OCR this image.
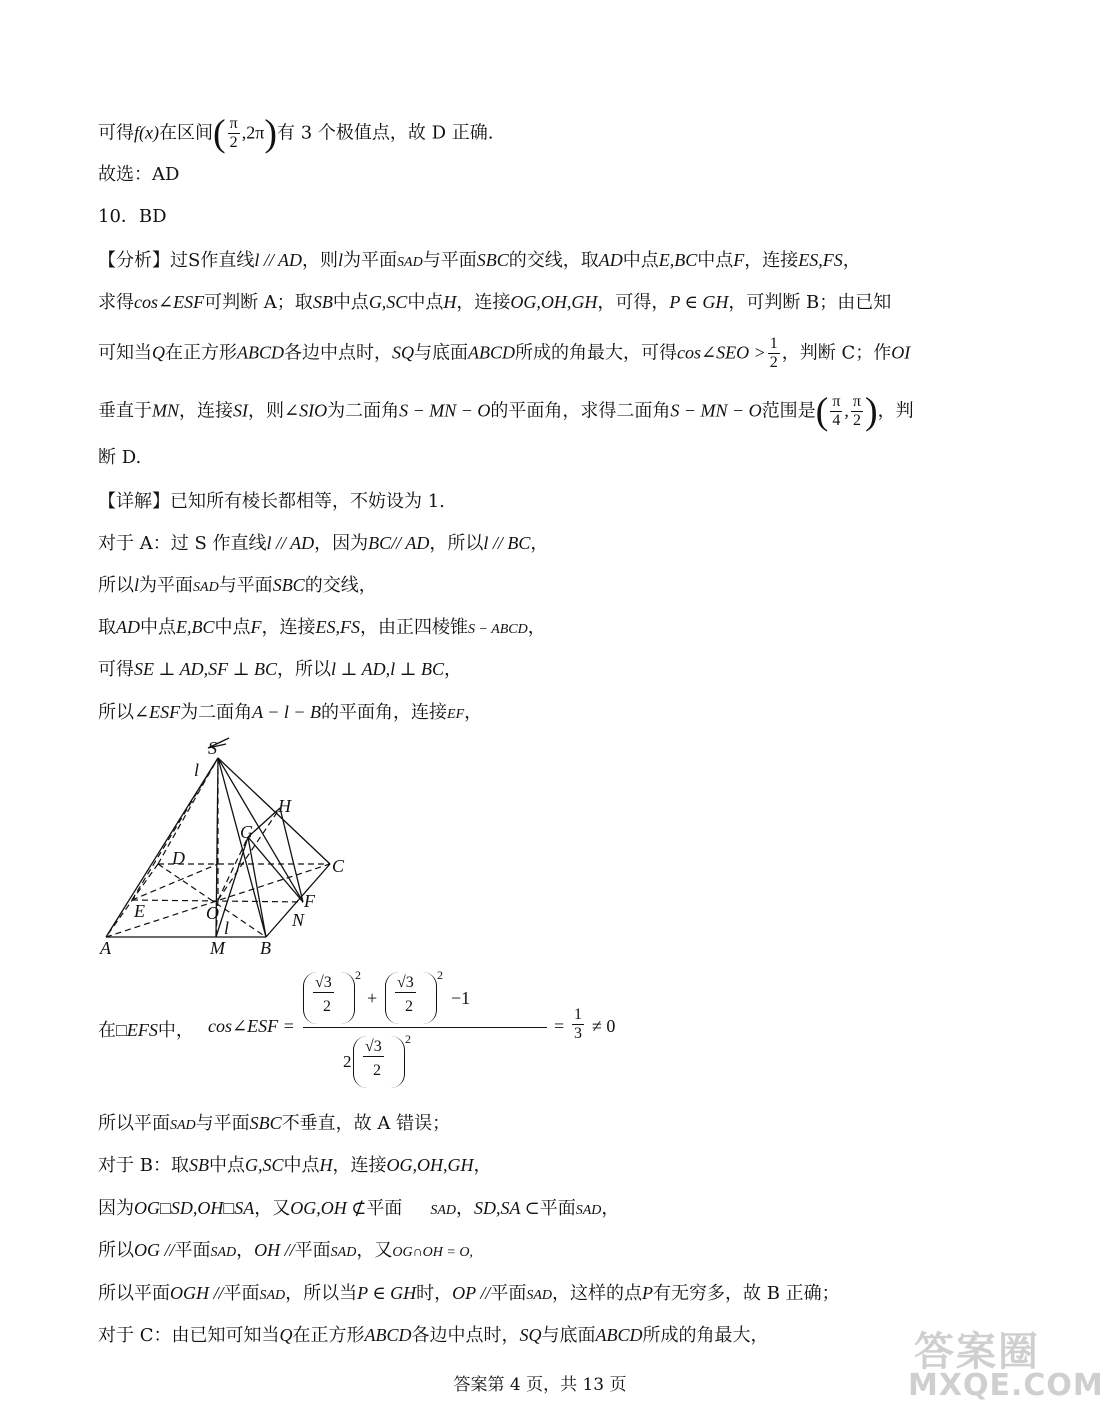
可得f(x)在区间( $\frac{\pi}{2} ,2\pi$)有 3 个极值点，故 D 正确.
故选：AD
10．BD
【分析】过S作直线l // AD，则l为平面SAD与平面SBC的交线，取AD中点E,BC中点F，连接ES,FS，
求得cos∠ESF可判断 A；取SB中点G,SC中点H，连接OG,OH,GH，可得，P ∈ GH，可判断 B；由已知
可知当Q在正方形ABCD各边中点时，SQ与底面ABCD所成的角最大，可得cos∠SEO > $\frac{1}{2}$ ，判断 C；作OI
垂直于MN，连接SI，则∠SIO为二面角S − MN − O的平面角，求得二面角S − MN − O范围是( $\frac{\pi}{4}$ , $\frac{\pi}{2}$ )，判
断 D.
【详解】已知所有棱长都相等，不妨设为 1.
对于 A：过 S 作直线l // AD，因为BC// AD，所以l // BC，
所以l为平面SAD与平面SBC的交线，
取AD中点E,BC中点F，连接ES,FS，由正四棱锥S − ABCD，
可得SE ⊥ AD,SF ⊥ BC，所以l ⊥ AD,l ⊥ BC，
所以∠ESF为二面角A − l − B的平面角，连接EF，
S
l
H
G
D	C
E	O
F
N
l
A	M B
在□EFS中， cos∠ESF =
√3
2
2
+
√3
2
2
−1
2
√3
2
2
= $\frac{1}{3} \ne 0$
所以平面SAD与平面SBC不垂直，故 A 错误；
对于 B：取SB中点G,SC中点H，连接OG,OH,GH，
因为OG□SD,OH□SA，又OG,OH ⊄平面 SAD，SD,SA ⊂平面SAD，
所以OG //平面SAD，OH //平面SAD，又OG∩OH = O,
所以平面OGH //平面SAD，所以当P ∈ GH时，OP //平面SAD，这样的点P有无穷多，故 B 正确；
对于 C：由已知可知当Q在正方形ABCD各边中点时，SQ与底面ABCD所成的角最大，
答案第 4 页，共 13 页
答案圈
MXQE.COM
